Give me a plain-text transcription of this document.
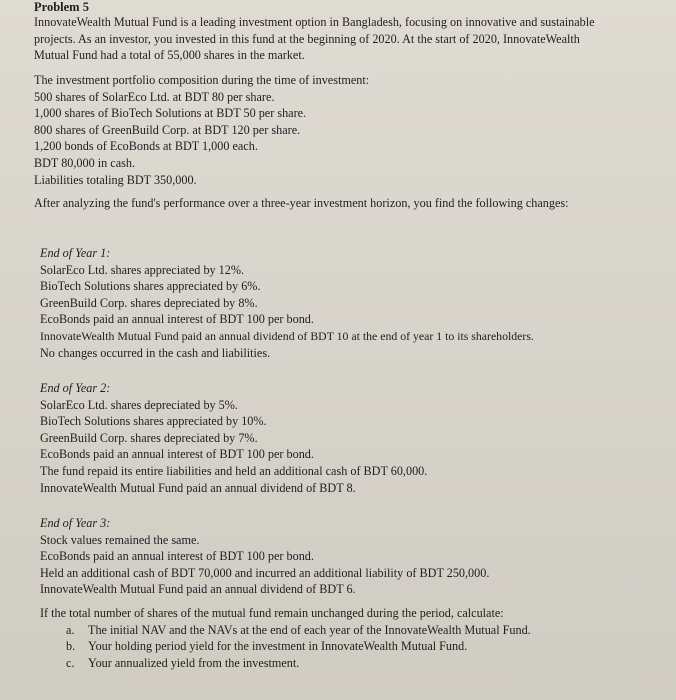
Problem 5
InnovateWealth Mutual Fund is a leading investment option in Bangladesh, focusing on innovative and sustainable projects. As an investor, you invested in this fund at the beginning of 2020. At the start of 2020, InnovateWealth Mutual Fund had a total of 55,000 shares in the market.
The investment portfolio composition during the time of investment:
500 shares of SolarEco Ltd. at BDT 80 per share.
1,000 shares of BioTech Solutions at BDT 50 per share.
800 shares of GreenBuild Corp. at BDT 120 per share.
1,200 bonds of EcoBonds at BDT 1,000 each.
BDT 80,000 in cash.
Liabilities totaling BDT 350,000.
After analyzing the fund's performance over a three-year investment horizon, you find the following changes:
End of Year 1:
SolarEco Ltd. shares appreciated by 12%.
BioTech Solutions shares appreciated by 6%.
GreenBuild Corp. shares depreciated by 8%.
EcoBonds paid an annual interest of BDT 100 per bond.
InnovateWealth Mutual Fund paid an annual dividend of BDT 10 at the end of year 1 to its shareholders.
No changes occurred in the cash and liabilities.
End of Year 2:
SolarEco Ltd. shares depreciated by 5%.
BioTech Solutions shares appreciated by 10%.
GreenBuild Corp. shares depreciated by 7%.
EcoBonds paid an annual interest of BDT 100 per bond.
The fund repaid its entire liabilities and held an additional cash of BDT 60,000.
InnovateWealth Mutual Fund paid an annual dividend of BDT 8.
End of Year 3:
Stock values remained the same.
EcoBonds paid an annual interest of BDT 100 per bond.
Held an additional cash of BDT 70,000 and incurred an additional liability of BDT 250,000.
InnovateWealth Mutual Fund paid an annual dividend of BDT 6.
If the total number of shares of the mutual fund remain unchanged during the period, calculate:
a. The initial NAV and the NAVs at the end of each year of the InnovateWealth Mutual Fund.
b. Your holding period yield for the investment in InnovateWealth Mutual Fund.
c. Your annualized yield from the investment.
